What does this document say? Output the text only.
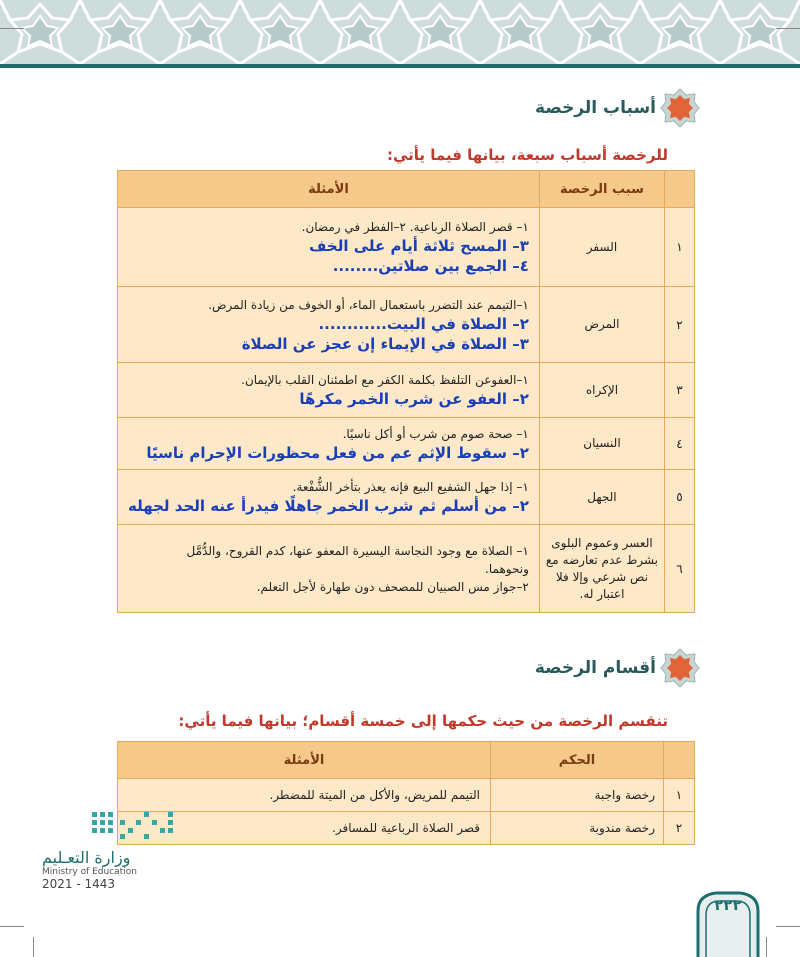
أسباب الرخصة
للرخصة أسباب سبعة، بيانها فيما يأتي:
	سبب الرخصة	الأمثلة
١	السفر	١– قصر الصلاة الرباعية. ٢–الفطر في رمضان.
٣– المسح ثلاثة أيام على الخف
٤– الجمع بين صلاتين........

٢	المرض	١–التيمم عند التضرر باستعمال الماء، أو الخوف من زيادة المرض.
٢– الصلاة في البيت............
٣– الصلاة في الإيماء إن عجز عن الصلاة

٣	الإكراه	١–العفوعن التلفظ بكلمة الكفر مع اطمئنان القلب بالإيمان.
٢– العفو عن شرب الخمر مكرهًا

٤	النسيان	١– صحة صوم من شرب أو أكل ناسيًا.
٢– سقوط الإثم عم من فعل محظورات الإحرام ناسيًا

٥	الجهل	١– إذا جهل الشفيع البيع فإنه يعذر بتأخر الشُّفْعة.
٢– من أسلم ثم شرب الخمر جاهلًا فيدرأ عنه الحد لجهله

٦	العسر وعموم البلوى بشرط عدم تعارضه مع نص شرعي وإلا فلا اعتبار له.	١– الصلاة مع وجود النجاسة اليسيرة المعفو عنها، كدم القروح، والدُّمَّل
ونحوهما.
٢–جواز مس الصبيان للمصحف دون طهارة لأجل التعلم.
أقسام الرخصة
تنقسم الرخصة من حيث حكمها إلى خمسة أقسام؛ بيانها فيما يأتي:
	الحكم	الأمثلة
١	رخصة واجبة	التيمم للمريض، والأكل من الميتة للمضطر.
٢	رخصة مندوبة	قصر الصلاة الرباعية للمسافر.
وزارة التعـليم
Ministry of Education
2021 - 1443
٢٢٢
